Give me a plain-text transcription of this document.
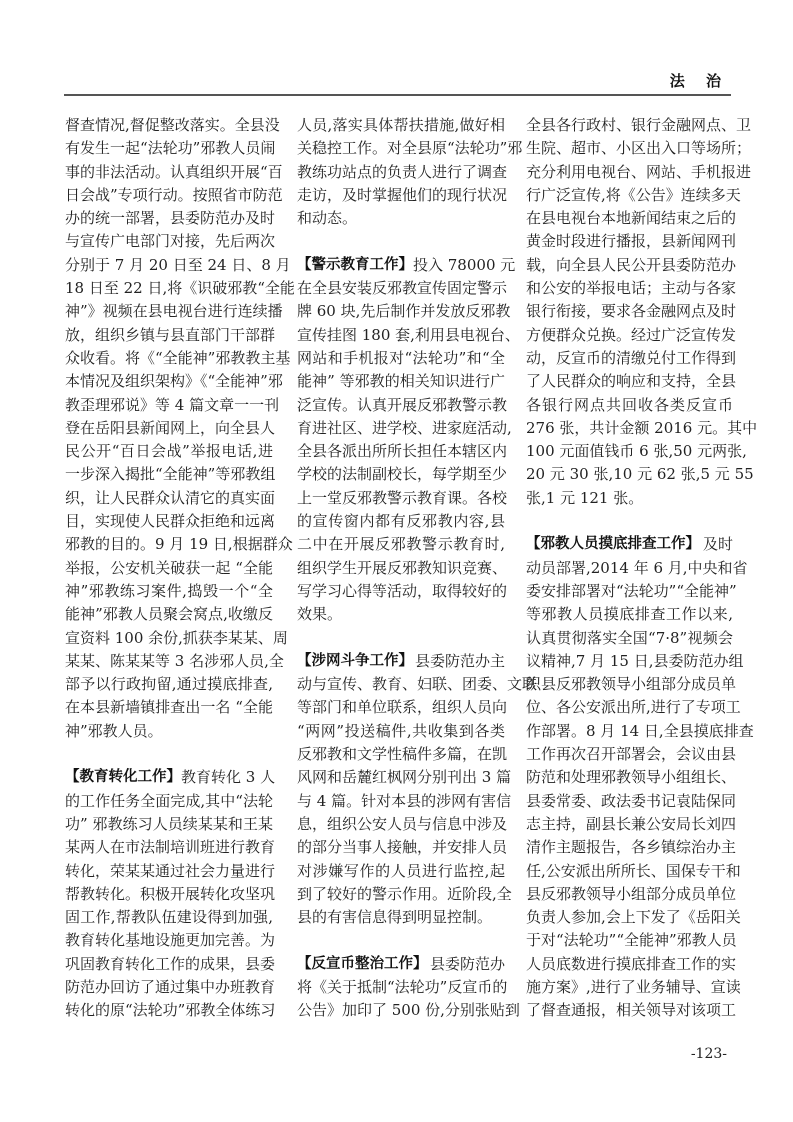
法 治
督查情况,督促整改落实。全县没
有发生一起“法轮功”邪教人员闹
事的非法活动。认真组织开展“百
日会战”专项行动。按照省市防范
办的统一部署，县委防范办及时
与宣传广电部门对接，先后两次
分别于 7 月 20 日至 24 日、8 月
18 日至 22 日,将《识破邪教“全能
神”》视频在县电视台进行连续播
放，组织乡镇与县直部门干部群
众收看。将《“全能神”邪教教主基
本情况及组织架构》《“全能神”邪
教歪理邪说》等 4 篇文章一一刊
登在岳阳县新闻网上，向全县人
民公开“百日会战”举报电话,进
一步深入揭批“全能神”等邪教组
织，让人民群众认清它的真实面
目，实现使人民群众拒绝和远离
邪教的目的。9 月 19 日,根据群众
举报，公安机关破获一起 “全能
神”邪教练习案件,捣毁一个“全
能神”邪教人员聚会窝点,收缴反
宣资料 100 余份,抓获李某某、周
某某、陈某某等 3 名涉邪人员,全
部予以行政拘留,通过摸底排查,
在本县新墙镇排查出一名 “全能
神”邪教人员。
【教育转化工作】 教育转化 3 人
的工作任务全面完成,其中“法轮
功” 邪教练习人员续某某和王某
某两人在市法制培训班进行教育
转化，荣某某通过社会力量进行
帮教转化。积极开展转化攻坚巩
固工作,帮教队伍建设得到加强,
教育转化基地设施更加完善。为
巩固教育转化工作的成果，县委
防范办回访了通过集中办班教育
转化的原“法轮功”邪教全体练习
人员,落实具体帮扶措施,做好相
关稳控工作。对全县原“法轮功”邪
教练功站点的负责人进行了调查
走访，及时掌握他们的现行状况
和动态。
【警示教育工作】 投入 78000 元
在全县安装反邪教宣传固定警示
牌 60 块,先后制作并发放反邪教
宣传挂图 180 套,利用县电视台、
网站和手机报对“法轮功”和“全
能神” 等邪教的相关知识进行广
泛宣传。认真开展反邪教警示教
育进社区、进学校、进家庭活动,
全县各派出所所长担任本辖区内
学校的法制副校长，每学期至少
上一堂反邪教警示教育课。各校
的宣传窗内都有反邪教内容,县
二中在开展反邪教警示教育时,
组织学生开展反邪教知识竞赛、
写学习心得等活动，取得较好的
效果。
【涉网斗争工作】 县委防范办主
动与宣传、教育、妇联、团委、文联
等部门和单位联系，组织人员向
“两网”投送稿件,共收集到各类
反邪教和文学性稿件多篇，在凯
风网和岳麓红枫网分别刊出 3 篇
与 4 篇。针对本县的涉网有害信
息，组织公安人员与信息中涉及
的部分当事人接触，并安排人员
对涉嫌写作的人员进行监控,起
到了较好的警示作用。近阶段,全
县的有害信息得到明显控制。
【反宣币整治工作】 县委防范办
将《关于抵制“法轮功”反宣币的
公告》加印了 500 份,分别张贴到
全县各行政村、银行金融网点、卫
生院、超市、小区出入口等场所；
充分利用电视台、网站、手机报进
行广泛宣传,将《公告》连续多天
在县电视台本地新闻结束之后的
黄金时段进行播报，县新闻网刊
载，向全县人民公开县委防范办
和公安的举报电话；主动与各家
银行衔接，要求各金融网点及时
方便群众兑换。经过广泛宣传发
动，反宣币的清缴兑付工作得到
了人民群众的响应和支持，全县
各银行网点共回收各类反宣币
276 张，共计金额 2016 元。其中
100 元面值钱币 6 张,50 元两张,
20 元 30 张,10 元 62 张,5 元 55
张,1 元 121 张。
【邪教人员摸底排查工作】 及时
动员部署,2014 年 6 月,中央和省
委安排部署对“法轮功”“全能神”
等邪教人员摸底排查工作以来,
认真贯彻落实全国“7·8”视频会
议精神,7 月 15 日,县委防范办组
织县反邪教领导小组部分成员单
位、各公安派出所,进行了专项工
作部署。8 月 14 日,全县摸底排查
工作再次召开部署会，会议由县
防范和处理邪教领导小组组长、
县委常委、政法委书记袁陆保同
志主持，副县长兼公安局长刘四
清作主题报告，各乡镇综治办主
任,公安派出所所长、国保专干和
县反邪教领导小组部分成员单位
负责人参加,会上下发了《岳阳关
于对“法轮功”“全能神”邪教人员
人员底数进行摸底排查工作的实
施方案》,进行了业务辅导、宣读
了督查通报，相关领导对该项工
-123-
